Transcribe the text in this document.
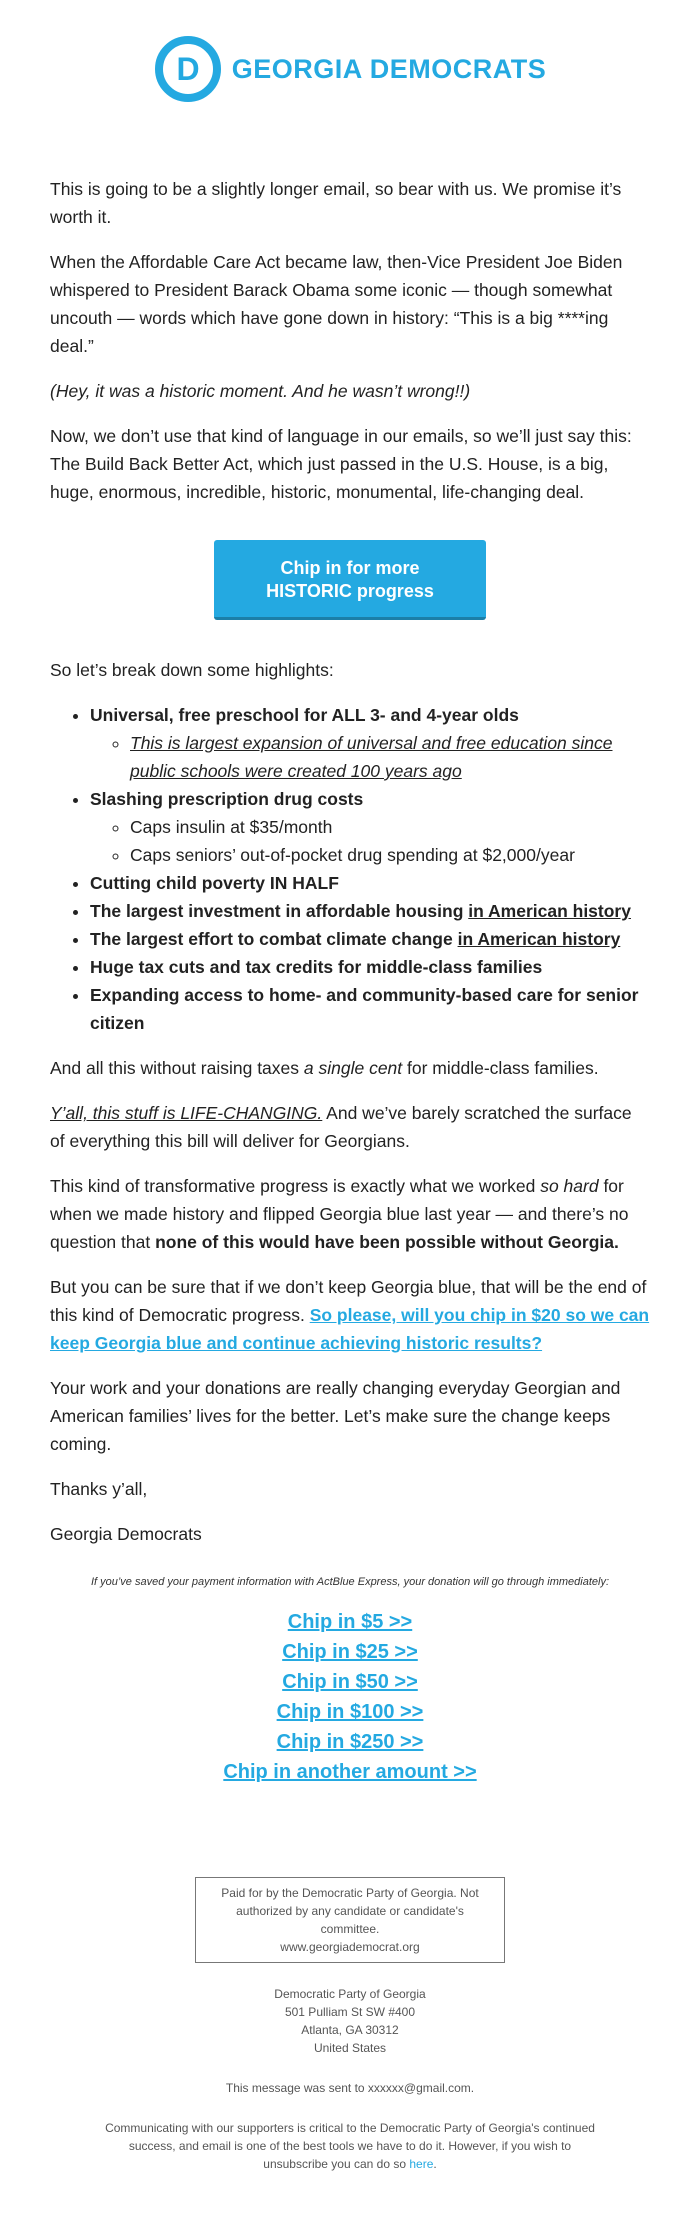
D GEORGIA DEMOCRATS

This is going to be a slightly longer email, so bear with us. We promise it’s worth it.

When the Affordable Care Act became law, then-Vice President Joe Biden whispered to President Barack Obama some iconic — though somewhat uncouth — words which have gone down in history: “This is a big ****ing deal.”

(Hey, it was a historic moment. And he wasn’t wrong!!)

Now, we don’t use that kind of language in our emails, so we’ll just say this: The Build Back Better Act, which just passed in the U.S. House, is a big, huge, enormous, incredible, historic, monumental, life-changing deal.

Chip in for more
HISTORIC progress

So let’s break down some highlights:

• Universal, free preschool for ALL 3- and 4-year olds
◦ This is largest expansion of universal and free education since public schools were created 100 years ago
• Slashing prescription drug costs
◦ Caps insulin at $35/month
◦ Caps seniors’ out-of-pocket drug spending at $2,000/year
• Cutting child poverty IN HALF
• The largest investment in affordable housing in American history
• The largest effort to combat climate change in American history
• Huge tax cuts and tax credits for middle-class families
• Expanding access to home- and community-based care for senior citizen

And all this without raising taxes a single cent for middle-class families.

Y’all, this stuff is LIFE-CHANGING. And we’ve barely scratched the surface of everything this bill will deliver for Georgians.

This kind of transformative progress is exactly what we worked so hard for when we made history and flipped Georgia blue last year — and there’s no question that none of this would have been possible without Georgia.

But you can be sure that if we don’t keep Georgia blue, that will be the end of this kind of Democratic progress. So please, will you chip in $20 so we can keep Georgia blue and continue achieving historic results?

Your work and your donations are really changing everyday Georgian and American families’ lives for the better. Let’s make sure the change keeps coming.

Thanks y’all,

Georgia Democrats

If you’ve saved your payment information with ActBlue Express, your donation will go through immediately:
Chip in $5 >>
Chip in $25 >>
Chip in $50 >>
Chip in $100 >>
Chip in $250 >>
Chip in another amount >>
Paid for by the Democratic Party of Georgia. Not authorized by any candidate or candidate's committee.
www.georgiademocrat.org
Democratic Party of Georgia
501 Pulliam St SW #400
Atlanta, GA 30312
United States
This message was sent to xxxxxx@gmail.com.
Communicating with our supporters is critical to the Democratic Party of Georgia's continued success, and email is one of the best tools we have to do it. However, if you wish to unsubscribe you can do so here.
